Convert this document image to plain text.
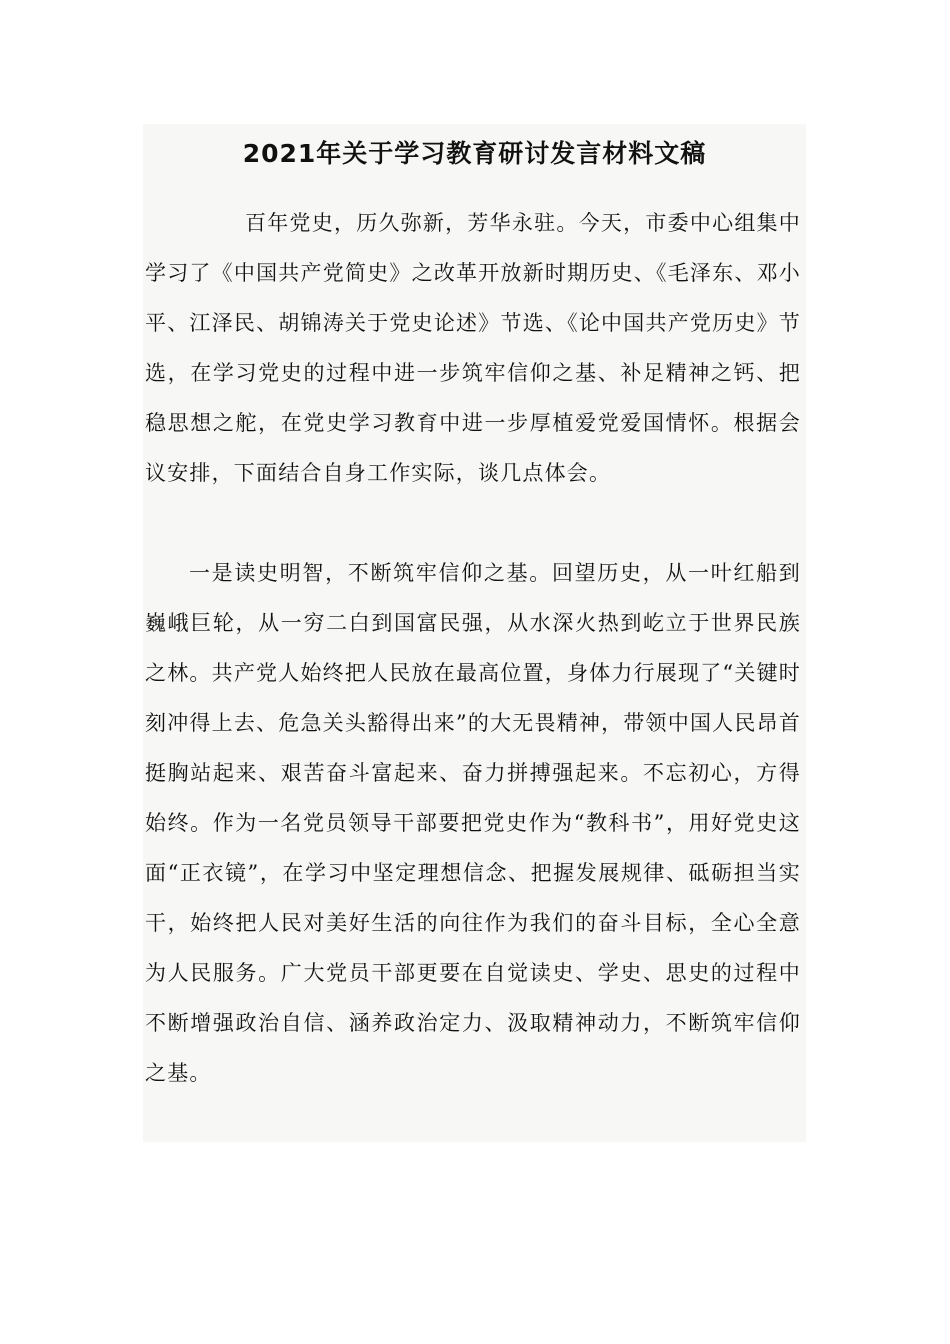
2021年关于学习教育研讨发言材料文稿

百年党史，历久弥新，芳华永驻。今天，市委中心组集中学习了《中国共产党简史》之改革开放新时期历史、《毛泽东、邓小平、江泽民、胡锦涛关于党史论述》节选、《论中国共产党历史》节选，在学习党史的过程中进一步筑牢信仰之基、补足精神之钙、把稳思想之舵，在党史学习教育中进一步厚植爱党爱国情怀。根据会议安排，下面结合自身工作实际，谈几点体会。

一是读史明智，不断筑牢信仰之基。回望历史，从一叶红船到巍峨巨轮，从一穷二白到国富民强，从水深火热到屹立于世界民族之林。共产党人始终把人民放在最高位置，身体力行展现了“关键时刻冲得上去、危急关头豁得出来”的大无畏精神，带领中国人民昂首挺胸站起来、艰苦奋斗富起来、奋力拼搏强起来。不忘初心，方得始终。作为一名党员领导干部要把党史作为“教科书”，用好党史这面“正衣镜”，在学习中坚定理想信念、把握发展规律、砥砺担当实干，始终把人民对美好生活的向往作为我们的奋斗目标，全心全意为人民服务。广大党员干部更要在自觉读史、学史、思史的过程中不断增强政治自信、涵养政治定力、汲取精神动力，不断筑牢信仰之基。
